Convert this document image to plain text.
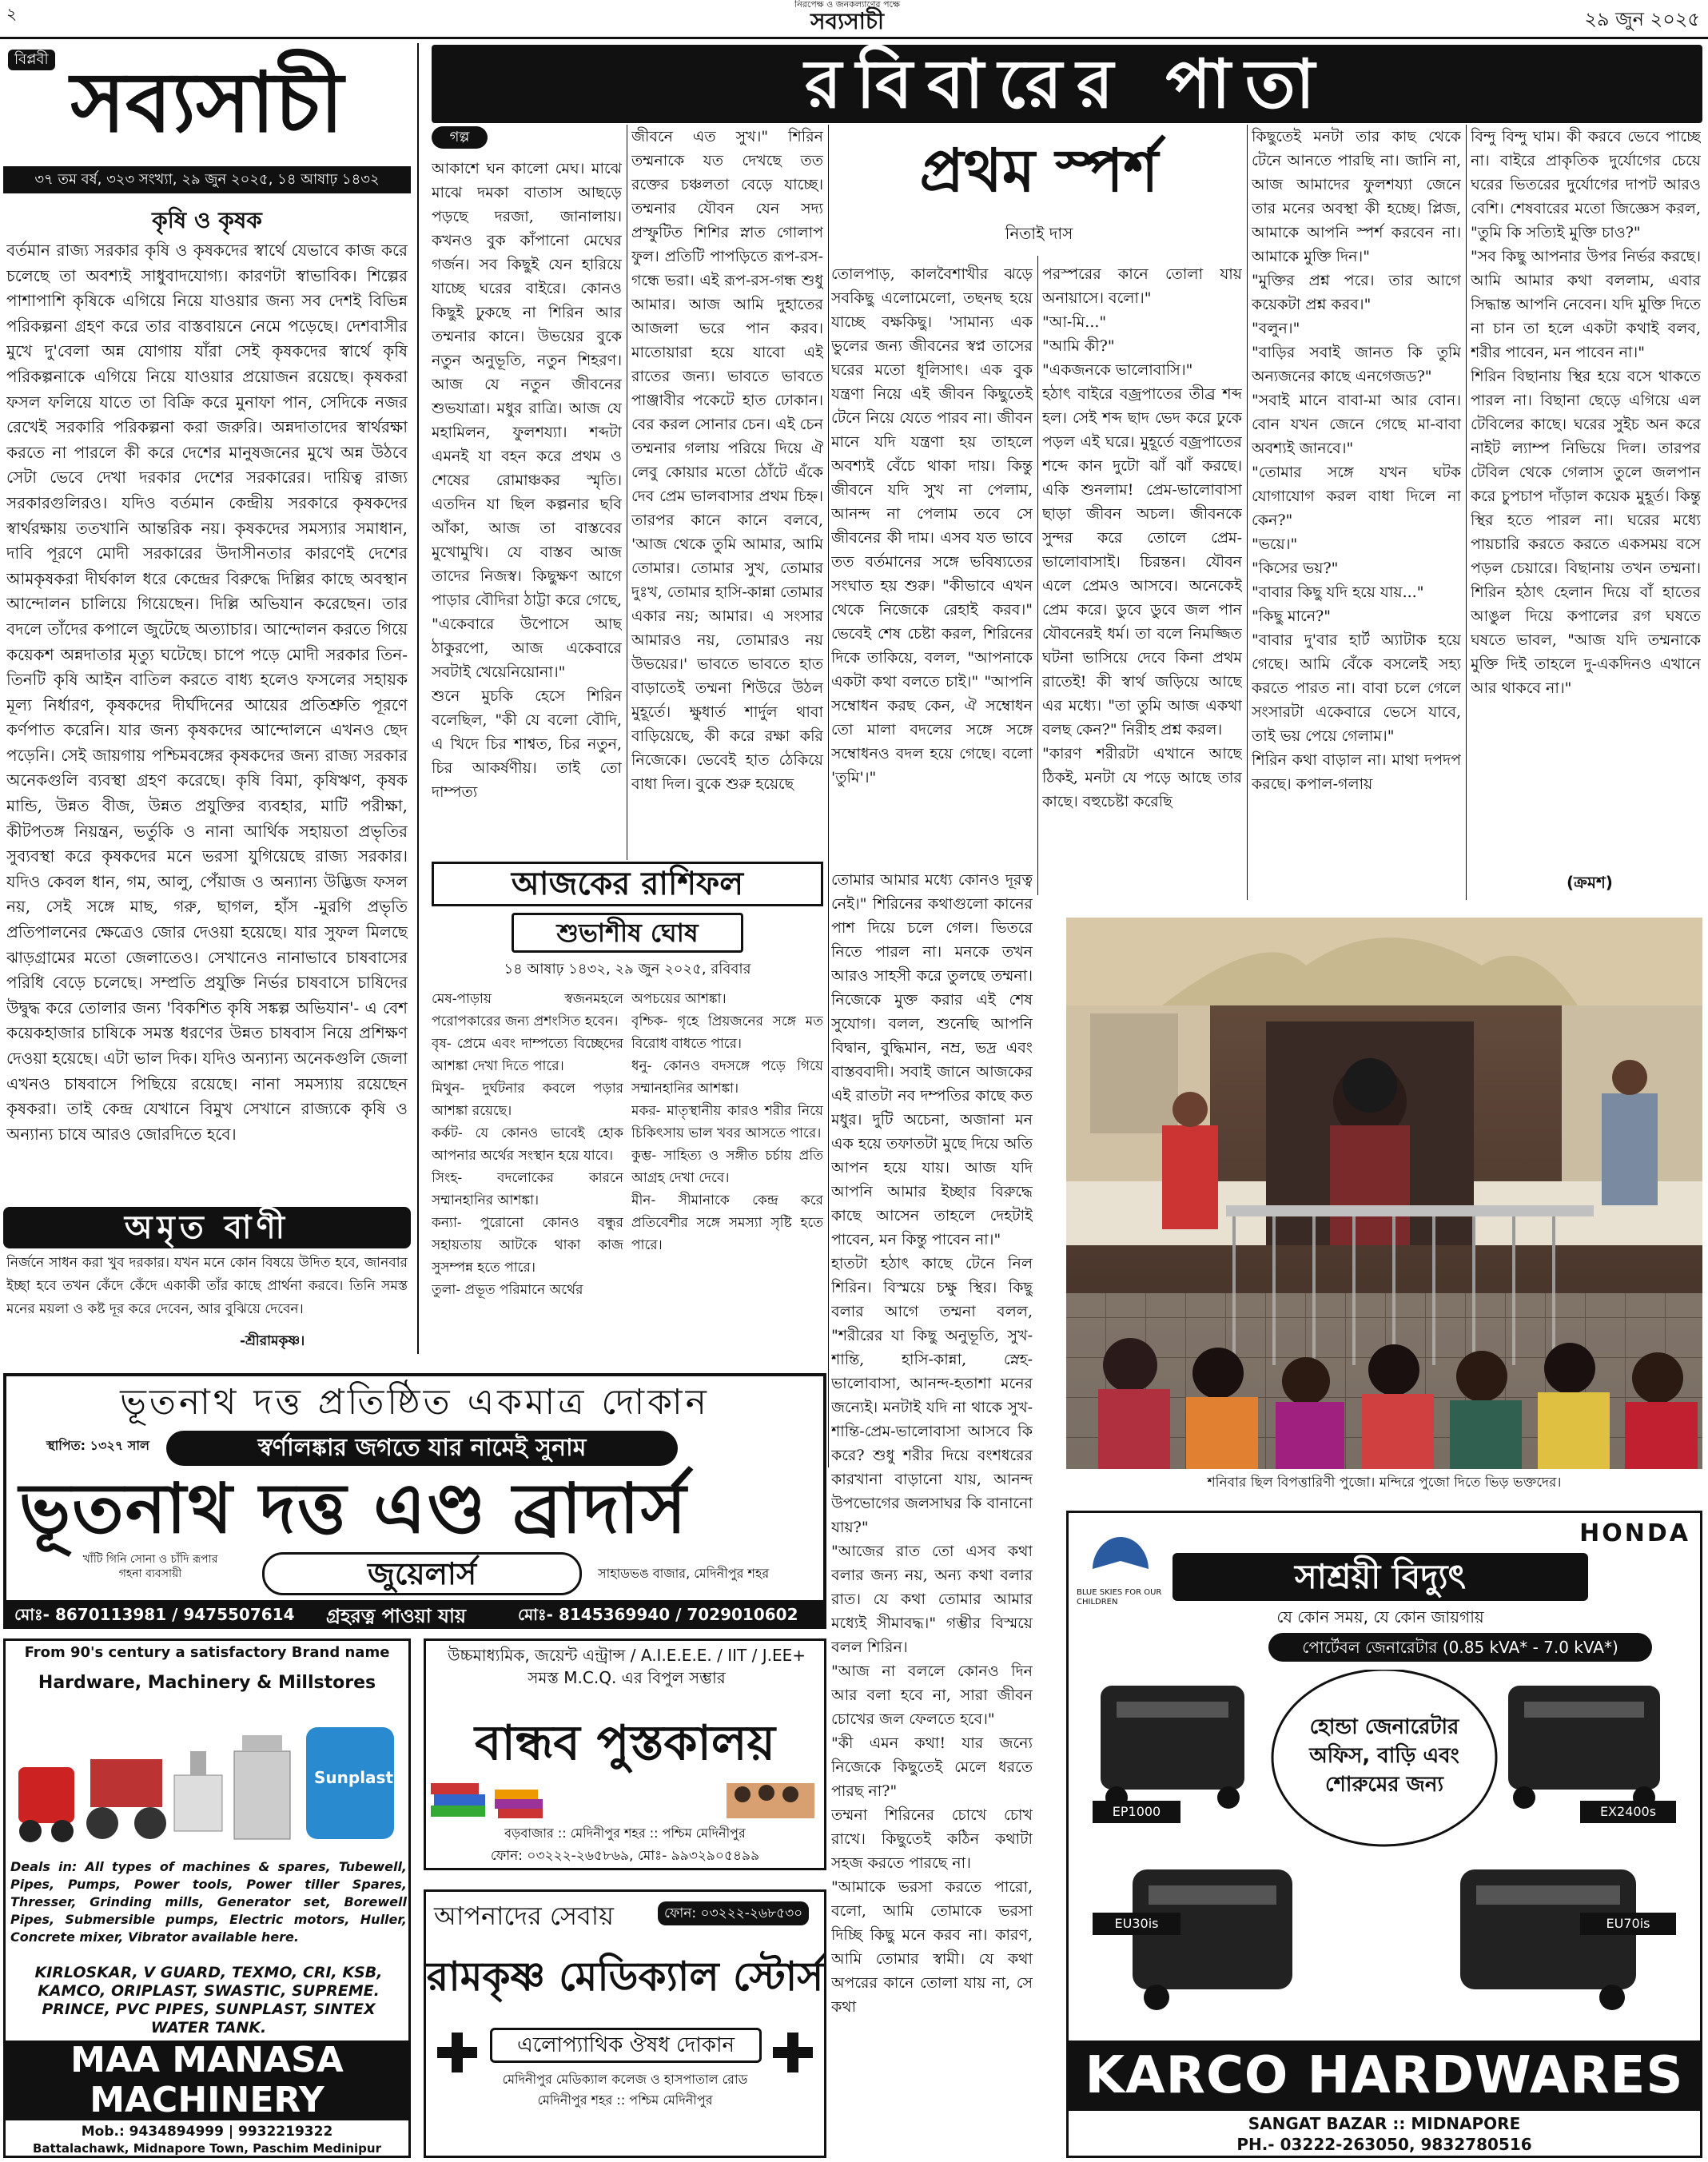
২	নিরপেক্ষ ও জনকল্যাণের পক্ষে
সব্যসাচী	২৯ জুন ২০২৫
বিপ্লবী সব্যসাচী
৩৭ তম বর্ষ, ৩২৩ সংখ্যা, ২৯ জুন ২০২৫, ১৪ আষাঢ় ১৪৩২
রবিবারের পাতা
কৃষি ও কৃষক
বর্তমান রাজ্য সরকার কৃষি ও কৃষকদের স্বার্থে যেভাবে কাজ করে চলেছে তা অবশ্যই সাধুবাদযোগ্য। কারণটা স্বাভাবিক। শিল্পের পাশাপাশি কৃষিকে এগিয়ে নিয়ে যাওয়ার জন্য সব দেশই বিভিন্ন পরিকল্পনা গ্রহণ করে তার বাস্তবায়নে নেমে পড়েছে। দেশবাসীর মুখে দু'বেলা অন্ন যোগায় যাঁরা সেই কৃষকদের স্বার্থে কৃষি পরিকল্পনাকে এগিয়ে নিয়ে যাওয়ার প্রয়োজন রয়েছে। কৃষকরা ফসল ফলিয়ে যাতে তা বিক্রি করে মুনাফা পান, সেদিকে নজর রেখেই সরকারি পরিকল্পনা করা জরুরি। অন্নদাতাদের স্বার্থরক্ষা করতে না পারলে কী করে দেশের মানুষজনের মুখে অন্ন উঠবে সেটা ভেবে দেখা দরকার দেশের সরকারের। দায়িত্ব রাজ্য সরকারগুলিরও। যদিও বর্তমান কেন্দ্রীয় সরকারে কৃষকদের স্বার্থরক্ষায় ততখানি আন্তরিক নয়। কৃষকদের সমস্যার সমাধান, দাবি পূরণে মোদী সরকারের উদাসীনতার কারণেই দেশের আমকৃষকরা দীর্ঘকাল ধরে কেন্দ্রের বিরুদ্ধে দিল্লির কাছে অবস্থান আন্দোলন চালিয়ে গিয়েছেন। দিল্লি অভিযান করেছেন। তার বদলে তাঁদের কপালে জুটেছে অত্যাচার। আন্দোলন করতে গিয়ে কয়েকশ অন্নদাতার মৃত্যু ঘটেছে। চাপে পড়ে মোদী সরকার তিন-তিনটি কৃষি আইন বাতিল করতে বাধ্য হলেও ফসলের সহায়ক মূল্য নির্ধারণ, কৃষকদের দীর্ঘদিনের আয়ের প্রতিশ্রুতি পূরণে কর্ণপাত করেনি। যার জন্য কৃষকদের আন্দোলনে এখনও ছেদ পড়েনি। সেই জায়গায় পশ্চিমবঙ্গের কৃষকদের জন্য রাজ্য সরকার অনেকগুলি ব্যবস্থা গ্রহণ করেছে। কৃষি বিমা, কৃষিঋণ, কৃষক মান্ডি, উন্নত বীজ, উন্নত প্রযুক্তির ব্যবহার, মাটি পরীক্ষা, কীটপতঙ্গ নিয়ন্ত্রন, ভর্তুকি ও নানা আর্থিক সহায়তা প্রভৃতির সুব্যবস্থা করে কৃষকদের মনে ভরসা যুগিয়েছে রাজ্য সরকার। যদিও কেবল ধান, গম, আলু, পেঁয়াজ ও অন্যান্য উদ্ভিজ ফসল নয়, সেই সঙ্গে মাছ, গরু, ছাগল, হাঁস -মুরগি প্রভৃতি প্রতিপালনের ক্ষেত্রেও জোর দেওয়া হয়েছে। যার সুফল মিলছে ঝাড়গ্রামের মতো জেলাতেও। সেখানেও নানাভাবে চাষবাসের পরিধি বেড়ে চলেছে। সম্প্রতি প্রযুক্তি নির্ভর চাষবাসে চাষিদের উদ্বুদ্ধ করে তোলার জন্য 'বিকশিত কৃষি সঙ্কল্প অভিযান'- এ বেশ কয়েকহাজার চাষিকে সমস্ত ধরণের উন্নত চাষবাস নিয়ে প্রশিক্ষণ দেওয়া হয়েছে। এটা ভাল দিক। যদিও অন্যান্য অনেকগুলি জেলা এখনও চাষবাসে পিছিয়ে রয়েছে। নানা সমস্যায় রয়েছেন কৃষকরা। তাই কেন্দ্র যেখানে বিমুখ সেখানে রাজ্যকে কৃষি ও অন্যান্য চাষে আরও জোরদিতে হবে।
অমৃত বাণী
নির্জনে সাধন করা খুব দরকার। যখন মনে কোন বিষয়ে উদিত হবে, জানবার ইচ্ছা হবে তখন কেঁদে কেঁদে একাকী তাঁর কাছে প্রার্থনা করবে। তিনি সমস্ত মনের ময়লা ও কষ্ট দূর করে দেবেন, আর বুঝিয়ে দেবেন।
-শ্রীরামকৃষ্ণ।
গল্প
আকাশে ঘন কালো মেঘ। মাঝে মাঝে দমকা বাতাস আছড়ে পড়ছে দরজা, জানালায়। কখনও বুক কাঁপানো মেঘের গর্জন। সব কিছুই যেন হারিয়ে যাচ্ছে ঘরের বাইরে। কোনও কিছুই ঢুকছে না শিরিন আর তম্মনার কানে। উভয়ের বুকে নতুন অনুভূতি, নতুন শিহরণ। আজ যে নতুন জীবনের শুভযাত্রা। মধুর রাত্রি। আজ যে মহামিলন, ফুলশয্যা। শব্দটা এমনই যা বহন করে প্রথম ও শেষের রোমাঞ্চকর স্মৃতি। এতদিন যা ছিল কল্পনার ছবি আঁকা, আজ তা বাস্তবের মুখোমুখি। যে বাস্তব আজ তাদের নিজস্ব। কিছুক্ষণ আগে পাড়ার বৌদিরা ঠাট্টা করে গেছে, "একেবারে উপোসে আছ ঠাকুরপো, আজ একেবারে সবটাই খেয়েনিয়োনা।"
শুনে মুচকি হেসে শিরিন বলেছিল, "কী যে বলো বৌদি, এ খিদে চির শাশ্বত, চির নতুন, চির আকর্ষণীয়। তাই তো দাম্পত্য
জীবনে এত সুখ।" শিরিন তম্মনাকে যত দেখছে তত রক্তের চঞ্চলতা বেড়ে যাচ্ছে। তম্মনার যৌবন যেন সদ্য প্রস্ফুটিত শিশির স্নাত গোলাপ ফুল। প্রতিটি পাপড়িতে রূপ-রস-গন্ধে ভরা। এই রূপ-রস-গন্ধ শুধু আমার। আজ আমি দুহাতের আজলা ভরে পান করব। মাতোয়ারা হয়ে যাবো এই রাতের জন্য। ভাবতে ভাবতে পাঞ্জাবীর পকেটে হাত ঢোকান। বের করল সোনার চেন। এই চেন তম্মনার গলায় পরিয়ে দিয়ে ঐ লেবু কোয়ার মতো ঠোঁটে এঁকে দেব প্রেম ভালবাসার প্রথম চিহ্ন। তারপর কানে কানে বলবে, 'আজ থেকে তুমি আমার, আমি তোমার। তোমার সুখ, তোমার দুঃখ, তোমার হাসি-কান্না তোমার একার নয়; আমার। এ সংসার আমারও নয়, তোমারও নয় উভয়ের।' ভাবতে ভাবতে হাত বাড়াতেই তম্মনা শিউরে উঠল মুহূর্তে। ক্ষুধার্ত শার্দুল থাবা বাড়িয়েছে, কী করে রক্ষা করি নিজেকে। ভেবেই হাত ঠেকিয়ে বাধা দিল। বুকে শুরু হয়েছে
প্রথম স্পর্শ
নিতাই দাস
তোলপাড়, কালবৈশাখীর ঝড়ে সবকিছু এলোমেলো, তছনছ হয়ে যাচ্ছে বক্ষকিছু। 'সামান্য এক ভুলের জন্য জীবনের স্বপ্ন তাসের ঘরের মতো ধূলিসাৎ। এক বুক যন্ত্রণা নিয়ে এই জীবন কিছুতেই টেনে নিয়ে যেতে পারব না। জীবন মানে যদি যন্ত্রণা হয় তাহলে অবশ্যই বেঁচে থাকা দায়। কিন্তু জীবনে যদি সুখ না পেলাম, আনন্দ না পেলাম তবে সে জীবনের কী দাম। এসব যত ভাবে তত বর্তমানের সঙ্গে ভবিষ্যতের সংঘাত হয় শুরু। "কীভাবে এখন থেকে নিজেকে রেহাই করব।" ভেবেই শেষ চেষ্টা করল, শিরিনের দিকে তাকিয়ে, বলল, "আপনাকে একটা কথা বলতে চাই।" "আপনি সম্বোধন করছ কেন, ঐ সম্বোধন তো মালা বদলের সঙ্গে সঙ্গে সম্বোধনও বদল হয়ে গেছে। বলো 'তুমি'।"
তোমার আমার মধ্যে কোনও দূরত্ব নেই।" শিরিনের কথাগুলো কানের পাশ দিয়ে চলে গেল। ভিতরে নিতে পারল না। মনকে তখন আরও সাহসী করে তুলছে তম্মনা। নিজেকে মুক্ত করার এই শেষ সুযোগ। বলল, শুনেছি আপনি বিদ্বান, বুদ্ধিমান, নম্র, ভদ্র এবং বাস্তববাদী। সবাই জানে আজকের এই রাতটা নব দম্পতির কাছে কত মধুর। দুটি অচেনা, অজানা মন এক হয়ে তফাতটা মুছে দিয়ে অতি আপন হয়ে যায়। আজ যদি আপনি আমার ইচ্ছার বিরুদ্ধে কাছে আসেন তাহলে দেহটাই পাবেন, মন কিন্তু পাবেন না।"
হাতটা হঠাৎ কাছে টেনে নিল শিরিন। বিস্ময়ে চক্ষু স্থির। কিছু বলার আগে তম্মনা বলল, "শরীরের যা কিছু অনুভূতি, সুখ-শান্তি, হাসি-কান্না, স্নেহ-ভালোবাসা, আনন্দ-হতাশা মনের জন্যেই। মনটাই যদি না থাকে সুখ-শান্তি-প্রেম-ভালোবাসা আসবে কি করে? শুধু শরীর দিয়ে বংশধরের কারখানা বাড়ানো যায়, আনন্দ উপভোগের জলসাঘর কি বানানো যায়?"
"আজের রাত তো এসব কথা বলার জন্য নয়, অন্য কথা বলার রাত। যে কথা তোমার আমার মধ্যেই সীমাবদ্ধ।" গম্ভীর বিস্ময়ে বলল শিরিন।
"আজ না বললে কোনও দিন আর বলা হবে না, সারা জীবন চোখের জল ফেলতে হবে।"
"কী এমন কথা! যার জন্যে নিজেকে কিছুতেই মেলে ধরতে পারছ না?"
তম্মনা শিরিনের চোখে চোখ রাখে। কিছুতেই কঠিন কথাটা সহজ করতে পারছে না।
"আমাকে ভরসা করতে পারো, বলো, আমি তোমাকে ভরসা দিচ্ছি কিছু মনে করব না। কারণ, আমি তোমার স্বামী। যে কথা অপরের কানে তোলা যায় না, সে কথা
পরস্পরের কানে তোলা যায় অনায়াসে। বলো।"
"আ-মি..."
"আমি কী?"
"একজনকে ভালোবাসি।"
হঠাৎ বাইরে বজ্রপাতের তীব্র শব্দ হল। সেই শব্দ ছাদ ভেদ করে ঢুকে পড়ল এই ঘরে। মুহূর্তে বজ্রপাতের শব্দে কান দুটো ঝাঁ ঝাঁ করছে। একি শুনলাম! প্রেম-ভালোবাসা ছাড়া জীবন অচল। জীবনকে সুন্দর করে তোলে প্রেম-ভালোবাসাই। চিরন্তন। যৌবন এলে প্রেমও আসবে। অনেকেই প্রেম করে। ডুবে ডুবে জল পান যৌবনেরই ধর্ম। তা বলে নিমজ্জিত ঘটনা ভাসিয়ে দেবে কিনা প্রথম রাতেই! কী স্বার্থ জড়িয়ে আছে এর মধ্যে। "তা তুমি আজ একথা বলছ কেন?" নিরীহ প্রশ্ন করল।
"কারণ শরীরটা এখানে আছে ঠিকই, মনটা যে পড়ে আছে তার কাছে। বহুচেষ্টা করেছি
কিছুতেই মনটা তার কাছ থেকে টেনে আনতে পারছি না। জানি না, আজ আমাদের ফুলশয্যা জেনে তার মনের অবস্থা কী হচ্ছে। প্লিজ, আমাকে আপনি স্পর্শ করবেন না। আমাকে মুক্তি দিন।"
"মুক্তির প্রশ্ন পরে। তার আগে কয়েকটা প্রশ্ন করব।"
"বলুন।"
"বাড়ির সবাই জানত কি তুমি অন্যজনের কাছে এনগেজড?"
"সবাই মানে বাবা-মা আর বোন। বোন যখন জেনে গেছে মা-বাবা অবশ্যই জানবে।"
"তোমার সঙ্গে যখন ঘটক যোগাযোগ করল বাধা দিলে না কেন?"
"ভয়ে।"
"কিসের ভয়?"
"বাবার কিছু যদি হয়ে যায়..."
"কিছু মানে?"
"বাবার দু'বার হার্ট অ্যাটাক হয়ে গেছে। আমি বেঁকে বসলেই সহ্য করতে পারত না। বাবা চলে গেলে সংসারটা একেবারে ভেসে যাবে, তাই ভয় পেয়ে গেলাম।"
শিরিন কথা বাড়াল না। মাথা দপদপ করছে। কপাল-গলায়
বিন্দু বিন্দু ঘাম। কী করবে ভেবে পাচ্ছে না। বাইরে প্রাকৃতিক দুর্যোগের চেয়ে ঘরের ভিতরের দুর্যোগের দাপট আরও বেশি। শেষবারের মতো জিজ্ঞেস করল, "তুমি কি সত্যিই মুক্তি চাও?"
"সব কিছু আপনার উপর নির্ভর করছে। আমি আমার কথা বললাম, এবার সিদ্ধান্ত আপনি নেবেন। যদি মুক্তি দিতে না চান তা হলে একটা কথাই বলব, শরীর পাবেন, মন পাবেন না।"
শিরিন বিছানায় স্থির হয়ে বসে থাকতে পারল না। বিছানা ছেড়ে এগিয়ে এল টেবিলের কাছে। ঘরের সুইচ অন করে নাইট ল্যাম্প নিভিয়ে দিল। তারপর টেবিল থেকে গেলাস তুলে জলপান করে চুপচাপ দাঁড়াল কয়েক মুহূর্ত। কিন্তু স্থির হতে পারল না। ঘরের মধ্যে পায়চারি করতে করতে একসময় বসে পড়ল চেয়ারে। বিছানায় তখন তম্মনা। শিরিন হঠাৎ হেলান দিয়ে বাঁ হাতের আঙুল দিয়ে কপালের রগ ঘষতে ঘষতে ভাবল, "আজ যদি তম্মনাকে মুক্তি দিই তাহলে দু-একদিনও এখানে আর থাকবে না।"
(ক্রমশ)
আজকের রাশিফল
শুভাশীষ ঘোষ
১৪ আষাঢ় ১৪৩২, ২৯ জুন ২০২৫, রবিবার
মেষ-পাড়ায় স্বজনমহলে পরোপকারের জন্য প্রশংসিত হবেন।
বৃষ- প্রেমে এবং দাম্পত্যে বিচ্ছেদের আশঙ্কা দেখা দিতে পারে।
মিথুন- দুর্ঘটনার কবলে পড়ার আশঙ্কা রয়েছে।
কর্কট- যে কোনও ভাবেই হোক আপনার অর্থের সংস্থান হয়ে যাবে।
সিংহ- বদলোকের কারনে সম্মানহানির আশঙ্কা।
কন্যা- পুরোনো কোনও বন্ধুর সহায়তায় আটকে থাকা কাজ সুসম্পন্ন হতে পারে।
তুলা- প্রভূত পরিমানে অর্থের
অপচয়ের আশঙ্কা।
বৃশ্চিক- গৃহে প্রিয়জনের সঙ্গে মত বিরোধ বাধতে পারে।
ধনু- কোনও বদসঙ্গে পড়ে গিয়ে সম্মানহানির আশঙ্কা।
মকর- মাতৃস্থানীয় কারও শরীর নিয়ে চিকিৎসায় ভাল খবর আসতে পারে।
কুম্ভ- সাহিত্য ও সঙ্গীত চর্চায় প্রতি আগ্রহ দেখা দেবে।
মীন- সীমানাকে কেন্দ্র করে প্রতিবেশীর সঙ্গে সমস্যা সৃষ্টি হতে পারে।
শনিবার ছিল বিপত্তারিণী পুজো। মন্দিরে পুজো দিতে ভিড় ভক্তদের।
ভূতনাথ দত্ত প্রতিষ্ঠিত একমাত্র দোকান
স্থাপিত: ১৩২৭ সাল	স্বর্ণালঙ্কার জগতে যার নামেই সুনাম
ভূতনাথ দত্ত এণ্ড ব্রাদার্স
খাঁটি গিনি সোনা ও চাঁদি রূপার গহনা ব্যবসায়ী	জুয়েলার্স	সাহাডভঙ বাজার, মেদিনীপুর শহর
মোঃ- 8670113981 / 9475507614 গ্রহরত্ন পাওয়া যায়	মোঃ- 8145369940 / 7029010602
From 90's century a satisfactory Brand name
Hardware, Machinery & Millstores
Sunplast
Deals in: All types of machines & spares, Tubewell, Pipes, Pumps, Power tools, Power tiller Spares, Thresser, Grinding mills, Generator set, Borewell Pipes, Submersible pumps, Electric motors, Huller, Concrete mixer, Vibrator available here.
KIRLOSKAR, V GUARD, TEXMO, CRI, KSB, KAMCO, ORIPLAST, SWASTIC, SUPREME. PRINCE, PVC PIPES, SUNPLAST, SINTEX WATER TANK.
MAA MANASA
MACHINERY
Mob.: 9434894999 | 9932219322
Battalachawk, Midnapore Town, Paschim Medinipur
উচ্চমাধ্যমিক, জয়েন্ট এন্ট্রান্স / A.I.E.E.E. / IIT / J.EE+ সমস্ত M.C.Q. এর বিপুল সম্ভার
বান্ধব পুস্তকালয়
বড়বাজার :: মেদিনীপুর শহর :: পশ্চিম মেদিনীপুর
ফোন: ০৩২২২-২৬৫৮৬৯, মোঃ- ৯৯৩২৯০৫৪৯৯
আপনাদের সেবায়	ফোন: ০৩২২২-২৬৮৫৩০
রামকৃষ্ণ মেডিক্যাল স্টোর্স
এলোপ্যাথিক ঔষধ দোকান
মেদিনীপুর মেডিক্যাল কলেজ ও হাসপাতাল রোড
মেদিনীপুর শহর :: পশ্চিম মেদিনীপুর
HONDA
BLUE SKIES FOR OUR CHILDREN
সাশ্রয়ী বিদ্যুৎ
যে কোন সময়, যে কোন জায়গায়
পোর্টেবল জেনারেটার (0.85 kVA* - 7.0 kVA*)
হোন্ডা জেনারেটার অফিস, বাড়ি এবং শোরুমের জন্য
EP1000	EX2400s
EU30is	EU70is
KARCO HARDWARES
SANGAT BAZAR :: MIDNAPORE
PH.- 03222-263050, 9832780516
